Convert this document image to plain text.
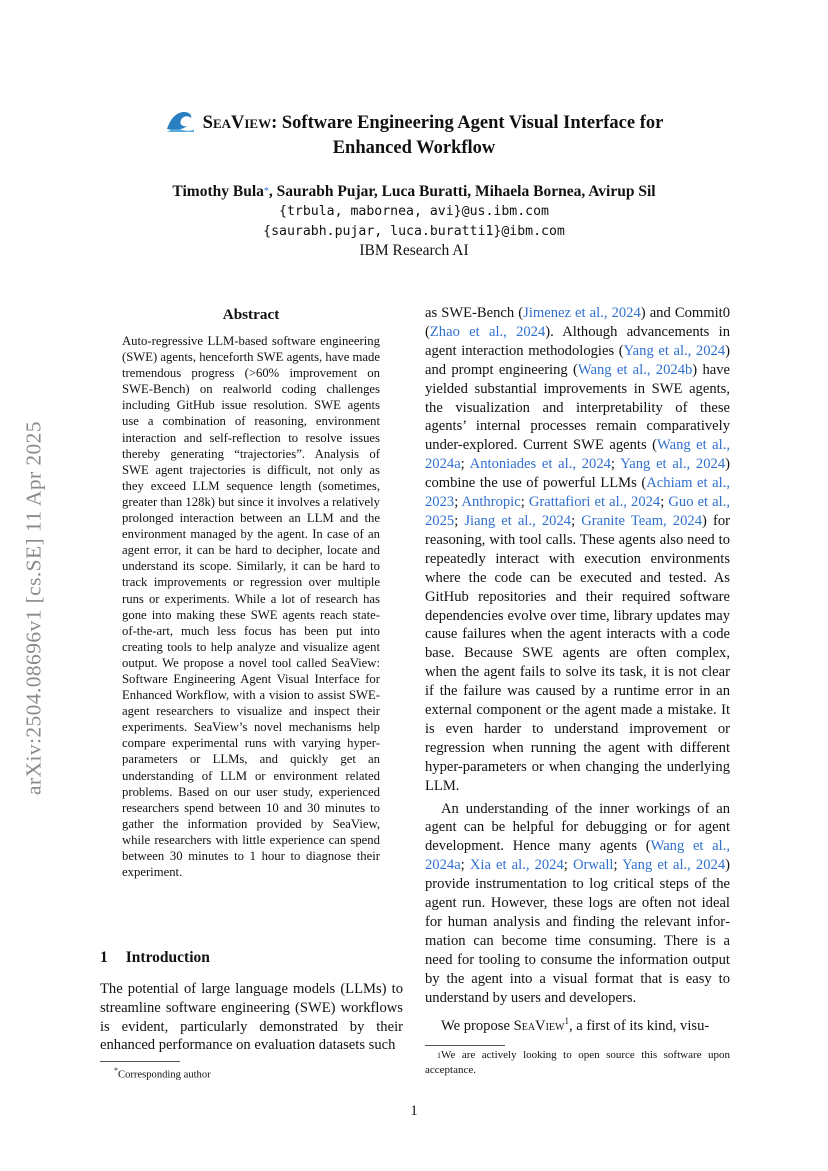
arXiv:2504.08696v1 [cs.SE] 11 Apr 2025
SeaView: Software Engineering Agent Visual Interface for
Enhanced Workflow
Timothy Bula*, Saurabh Pujar, Luca Buratti, Mihaela Bornea, Avirup Sil
{trbula, mabornea, avi}@us.ibm.com
{saurabh.pujar, luca.buratti1}@ibm.com
IBM Research AI
Abstract
Auto-regressive LLM-based software engineering (SWE) agents, henceforth SWE agents, have made tremendous progress (>60% improvement on SWE-Bench) on realworld coding challenges including GitHub issue resolution. SWE agents use a combination of reasoning, environment interaction and self-reflection to resolve issues thereby generating “trajectories”. Analysis of SWE agent trajectories is difficult, not only as they exceed LLM sequence length (sometimes, greater than 128k) but since it involves a relatively prolonged interaction between an LLM and the environment managed by the agent. In case of an agent error, it can be hard to decipher, locate and understand its scope. Similarly, it can be hard to track improvements or regression over multiple runs or experiments. While a lot of research has gone into making these SWE agents reach state-of-the-art, much less focus has been put into creating tools to help analyze and visualize agent output. We propose a novel tool called SeaView: Software Engineering Agent Visual Interface for Enhanced Workflow, with a vision to assist SWE-agent researchers to visualize and inspect their experiments. SeaView’s novel mechanisms help compare experimental runs with varying hyper-parameters or LLMs, and quickly get an understanding of LLM or environment related problems. Based on our user study, experienced researchers spend between 10 and 30 minutes to gather the information provided by SeaView, while researchers with little experience can spend between 30 minutes to 1 hour to diagnose their experiment.
1 Introduction
The potential of large language models (LLMs) to streamline software engineering (SWE) workflows is evident, particularly demonstrated by their enhanced performance on evaluation datasets such
*Corresponding author

as SWE-Bench (Jimenez et al., 2024) and Commit0 (Zhao et al., 2024). Although advancements in agent interaction methodologies (Yang et al., 2024) and prompt engineering (Wang et al., 2024b) have yielded substantial improvements in SWE agents, the visualization and interpretability of these agents’ internal processes remain comparatively under-explored. Current SWE agents (Wang et al., 2024a; Antoniades et al., 2024; Yang et al., 2024) combine the use of powerful LLMs (Achiam et al., 2023; Anthropic; Grattafiori et al., 2024; Guo et al., 2025; Jiang et al., 2024; Granite Team, 2024) for reasoning, with tool calls. These agents also need to repeatedly interact with execution environments where the code can be executed and tested. As GitHub repositories and their required software dependencies evolve over time, library updates may cause failures when the agent interacts with a code base. Because SWE agents are often complex, when the agent fails to solve its task, it is not clear if the failure was caused by a runtime error in an external component or the agent made a mistake. It is even harder to understand improvement or regression when running the agent with different hyper-parameters or when changing the underlying LLM.

An understanding of the inner workings of an agent can be helpful for debugging or for agent development. Hence many agents (Wang et al., 2024a; Xia et al., 2024; Orwall; Yang et al., 2024) provide instrumentation to log critical steps of the agent run. However, these logs are often not ideal for human analysis and finding the relevant information can become time consuming. There is a need for tooling to consume the information output by the agent into a visual format that is easy to understand by users and developers.

We propose SeaView$^1$, a first of its kind, visu-

$^1$We are actively looking to open source this software upon acceptance.
1
